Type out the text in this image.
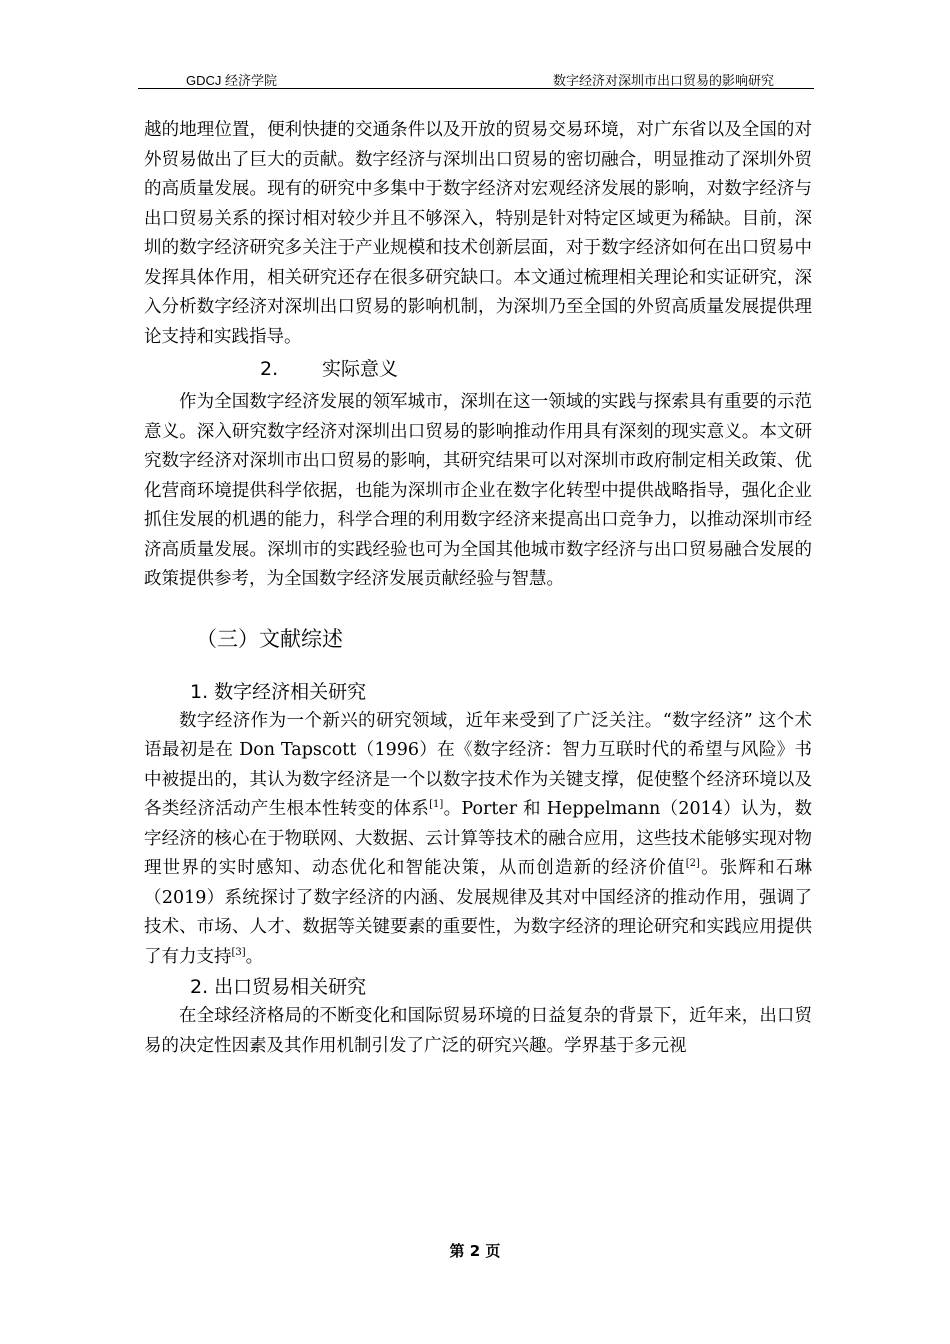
GDCJ 经济学院	数字经济对深圳市出口贸易的影响研究

越的地理位置，便利快捷的交通条件以及开放的贸易交易环境，对广东省以及全国的对外贸易做出了巨大的贡献。数字经济与深圳出口贸易的密切融合，明显推动了深圳外贸的高质量发展。现有的研究中多集中于数字经济对宏观经济发展的影响，对数字经济与出口贸易关系的探讨相对较少并且不够深入，特别是针对特定区域更为稀缺。目前，深圳的数字经济研究多关注于产业规模和技术创新层面，对于数字经济如何在出口贸易中发挥具体作用，相关研究还存在很多研究缺口。本文通过梳理相关理论和实证研究，深入分析数字经济对深圳出口贸易的影响机制，为深圳乃至全国的外贸高质量发展提供理论支持和实践指导。

2. 实际意义

作为全国数字经济发展的领军城市，深圳在这一领域的实践与探索具有重要的示范意义。深入研究数字经济对深圳出口贸易的影响推动作用具有深刻的现实意义。本文研究数字经济对深圳市出口贸易的影响，其研究结果可以对深圳市政府制定相关政策、优化营商环境提供科学依据，也能为深圳市企业在数字化转型中提供战略指导，强化企业抓住发展的机遇的能力，科学合理的利用数字经济来提高出口竞争力，以推动深圳市经济高质量发展。深圳市的实践经验也可为全国其他城市数字经济与出口贸易融合发展的政策提供参考，为全国数字经济发展贡献经验与智慧。

（三）文献综述
1. 数字经济相关研究

数字经济作为一个新兴的研究领域，近年来受到了广泛关注。“数字经济” 这个术语最初是在 Don Tapscott（1996）在《数字经济：智力互联时代的希望与风险》书中被提出的，其认为数字经济是一个以数字技术作为关键支撑，促使整个经济环境以及各类经济活动产生根本性转变的体系[1]。Porter 和 Heppelmann（2014）认为，数字经济的核心在于物联网、大数据、云计算等技术的融合应用，这些技术能够实现对物理世界的实时感知、动态优化和智能决策，从而创造新的经济价值[2]。张辉和石琳（2019）系统探讨了数字经济的内涵、发展规律及其对中国经济的推动作用，强调了技术、市场、人才、数据等关键要素的重要性，为数字经济的理论研究和实践应用提供了有力支持[3]。

2. 出口贸易相关研究

在全球经济格局的不断变化和国际贸易环境的日益复杂的背景下，近年来，出口贸易的决定性因素及其作用机制引发了广泛的研究兴趣。学界基于多元视

第 2 页
